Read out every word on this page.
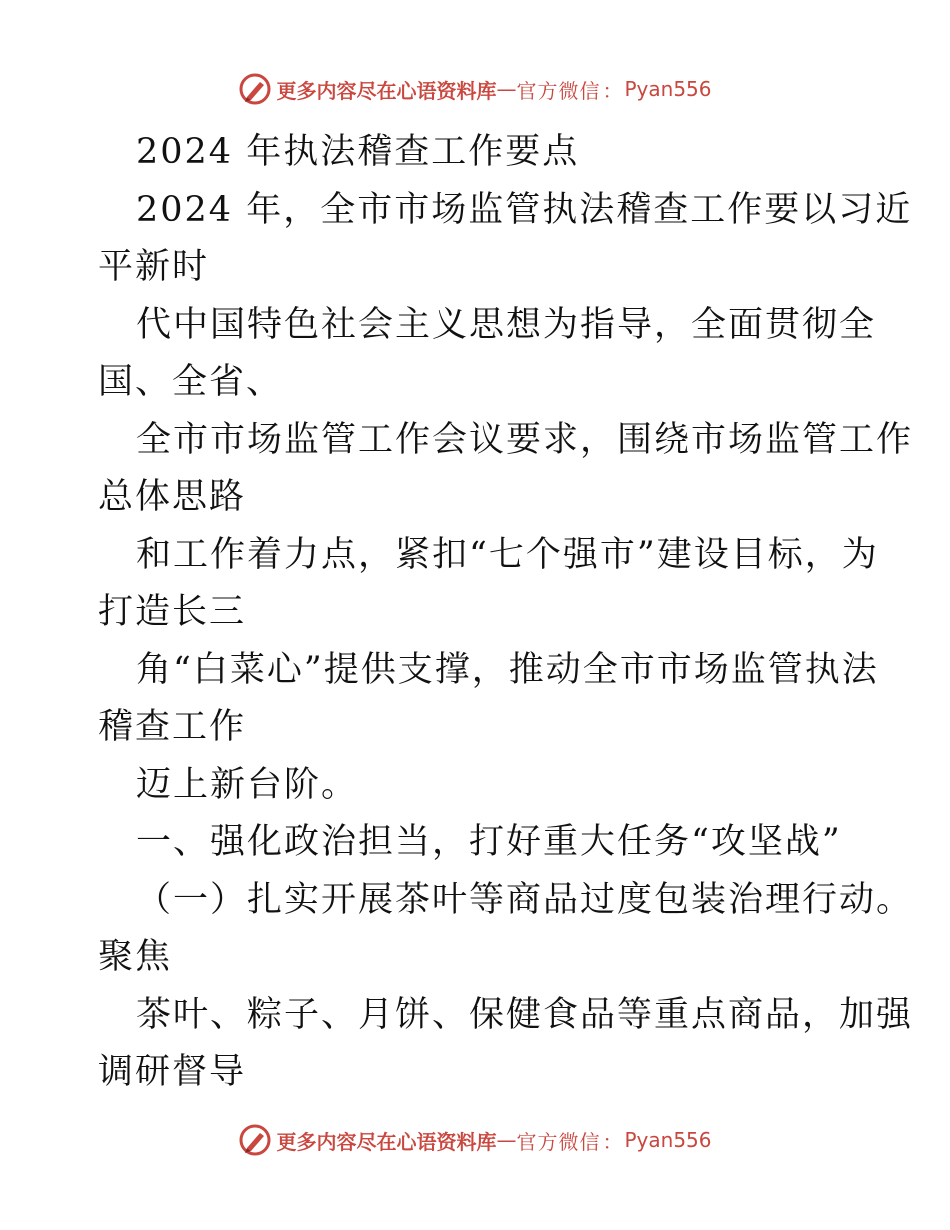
更多内容尽在心语资料库 — 官方微信 ： Pyan556
2024 年执法稽查工作要点
2024 年，全市市场监管执法稽查工作要以习近
平新时
代中国特色社会主义思想为指导，全面贯彻全
国、全省、
全市市场监管工作会议要求，围绕市场监管工作
总体思路
和工作着力点，紧扣“七个强市”建设目标，为
打造长三
角“白菜心”提供支撑，推动全市市场监管执法
稽查工作
迈上新台阶。
一、强化政治担当，打好重大任务“攻坚战”
（一）扎实开展茶叶等商品过度包装治理行动。
聚焦
茶叶、粽子、月饼、保健食品等重点商品，加强
调研督导
更多内容尽在心语资料库 — 官方微信 ： Pyan556
